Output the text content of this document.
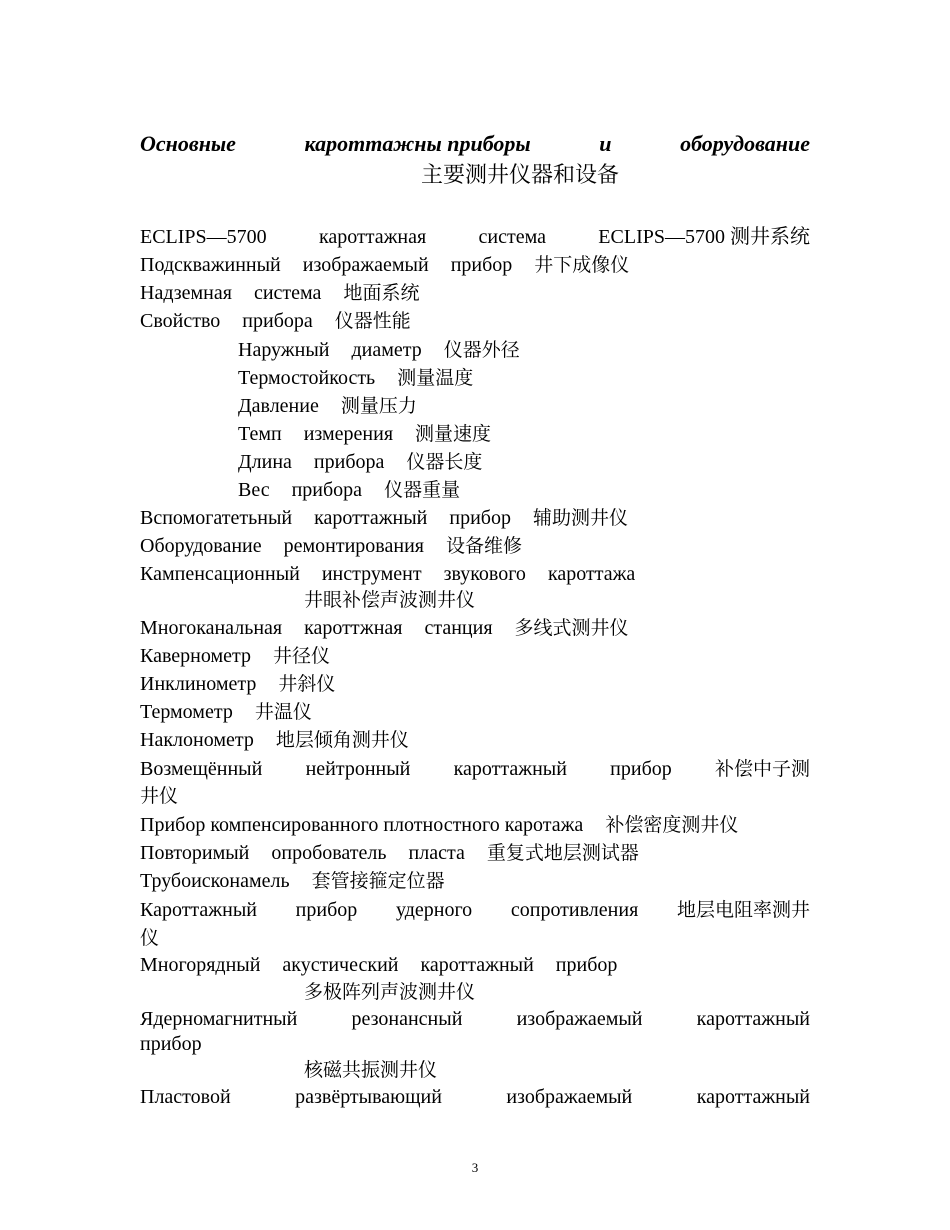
Основные	кароттажны приборы	и	оборудование
主要测井仪器和设备
ECLIPS—5700	кароттажная	система	ECLIPS—5700 测井系统
Подскважинный изображаемый прибор 井下成像仪
Надземная система 地面系统
Свойство прибора 仪器性能
Наружный диаметр 仪器外径
Термостойкость 测量温度
Давление 测量压力
Темп измерения 测量速度
Длина прибора 仪器长度
Вес прибора 仪器重量
Вспомогатетьный кароттажный прибор 辅助测井仪
Оборудование ремонтирования 设备维修
Кампенсационный инструмент звукового кароттажа
井眼补偿声波测井仪
Многоканальная кароттжная станция 多线式测井仪
Кавернометр 井径仪
Инклинометр 井斜仪
Термометр 井温仪
Наклонометр 地层倾角测井仪
Возмещённый нейтронный кароттажный прибор 补偿中子测
井仪
Прибор компенсированного плотностного каротажа 补偿密度测井仪
Повторимый опробователь пласта 重复式地层测试器
Трубоисконамель 套管接箍定位器
Кароттажный прибор удерного сопротивления 地层电阻率测井
仪
Многорядный акустический кароттажный прибор
多极阵列声波测井仪
Ядерномагнитный	резонансный	изображаемый	кароттажный
прибор
核磁共振测井仪
Пластовой	развёртывающий	изображаемый	кароттажный
3
